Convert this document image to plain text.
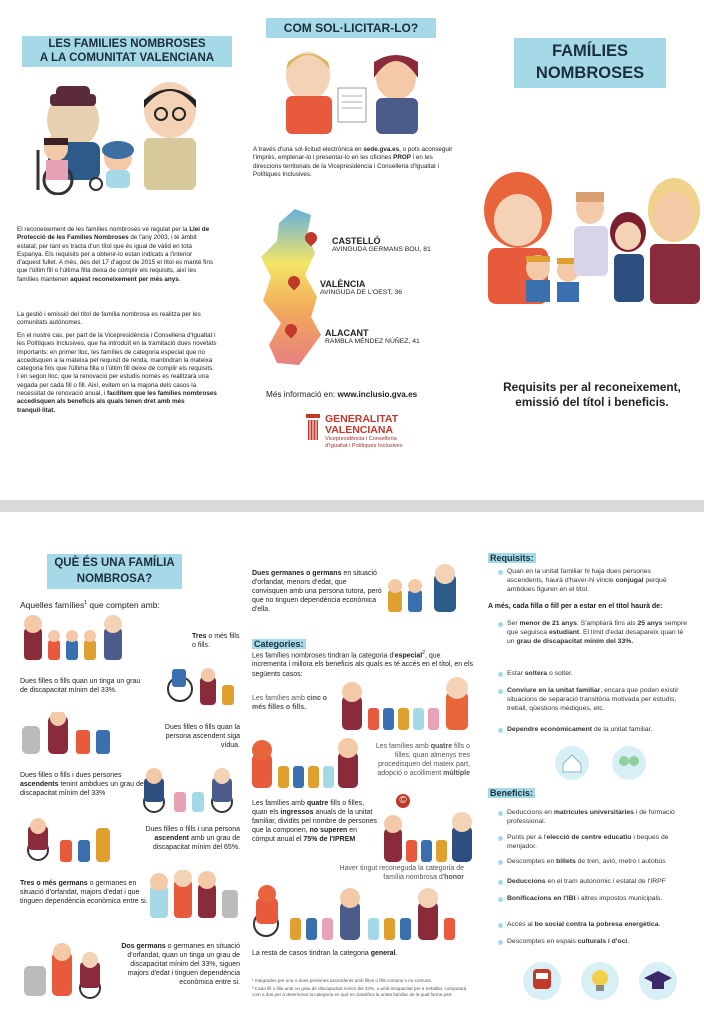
LES FAMILIES NOMBROSES
A LA COMUNITAT VALENCIANA
El reconeixement de les famílies nombroses ve regulat per la Llei de Protecció de les Famílies Nombroses de l'any 2003, i té àmbit estatal; per tant es tracta d'un títol que és igual de vàlid en tota Espanya. Els requisits per a obtenir-lo estan indicats a l'interior d'aquest fullet. A més, des del 17 d'agost de 2015 el títol es manté fins que l'últim fill o l'última filla deixa de complir els requisits, així les famílies mantenen aquest reconeixement per més anys.
La gestió i emissió del títol de família nombrosa es realitza per les comunitats autònomes.
En el nostre cas, per part de la Vicepresidència i Conselleria d'Igualtat i les Polítiques Inclusives, que ha introduït en la tramitació dues novetats importants: en primer lloc, les famílies de categoria especial que no accedisquen a la mateixa pel requisit de renda, mantindran la mateixa categoria fins que l'última filla o l'últim fill deixe de complir els requisits. I en segon lloc, que la renovació per estudis només es realitzarà una vegada per cada fill o fill. Així, evitem en la majoria dels casos la necessitat de renovació anual, i facilitem que les famílies nombroses accedisquen als beneficis als quals tenen dret amb més tranquil·litat.
COM SOL·LICITAR-LO?
A través d'una sol·licitud electrònica en sede.gva.es, o pots aconseguir l'imprès, emplenar-lo i presentar-lo en les oficines PROP i en les direccions territorials de la Vicepresidència i Conselleria d'Igualtat i Polítiques Inclusives.
CASTELLÓ
AVINGUDA GERMANS BOU, 81
VALÈNCIA
AVINGUDA DE L'OEST, 36
ALACANT
RAMBLA MÉNDEZ NÚÑEZ, 41
Més informació en: www.inclusio.gva.es
GENERALITAT
VALENCIANA
Vicepresidència i Conselleria
d'Igualtat i Polítiques Inclusives
FAMÍLIES
NOMBROSES
Requisits per al reconeixement,
emissió del títol i beneficis.
QUÈ ÉS UNA FAMÍLIA
NOMBROSA?
Aquelles famílies$^1$ que compten amb:
Tres o més fills o fills.
Dues filles o fills quan un tinga un grau de discapacitat mínim del 33%.
Dues filles o fills quan la persona ascendent siga vídua.
Dues filles o fills i dues persones ascendents tenint ambdues un grau de discapacitat mínim del 33%
Dues filles o fills i una persona ascendent amb un grau de discapacitat mínim del 65%.
Tres o més germans o germanes en situació d'orfandat, majors d'edat i que tinguen dependència econòmica entre si.
Dos germans o germanes en situació d'orfandat, quan un tinga un grau de discapacitat mínim del 33%, siguen majors d'edat i tinguen dependència econòmica entre si.
Dues germanes o germans en situació d'orfandat, menors d'edat, que convisquen amb una persona tutora, però que no tinguen dependència econòmica d'ella.
Categories:
Les famílies nombroses tindran la categoria d'especial$^2$, que incrementa i millora els beneficis als quals es té accés en el títol, en els següents casos:
Les famílies amb cinc o més filles o fills.
Les famílies amb quatre fills o filles, quan almenys tres procedisquen del mateix part, adopció o acolliment múltiple
Les famílies amb quatre fills o filles, quan els ingressos anuals de la unitat familiar, dividits pel nombre de persones que la componen, no superen en còmput anual el 75% de l'IPREM
©
Haver tingut reconeguda la categoria de família nombrosa d'honor
La resta de casos tindran la categoria general.
¹ Integrades per una o dues persones ascendents amb filles o fills comuns o no comuns.
² Cada fill o filla amb un grau de discapacitat mínim del 33%, o amb incapacitat per a treballar, computarà com a dos per a determinar la categoria en què es classifica la unitat familiar de la qual forma part.
Requisits:
Quan en la unitat familiar hi haja dues persones ascendents, haurà d'haver-hi vincle conjugal perquè ambdues figuren en el títol.
A més, cada filla o fill per a estar en el títol haurà de:
Ser menor de 21 anys. S'ampliarà fins als 25 anys sempre que seguisca estudiant. El límit d'edat desapareix quan té un grau de discapacitat mínim del 33%.
Estar soltera o solter.
Conviure en la unitat familiar, encara que poden existir situacions de separació transitòria motivada per estudis, treball, qüestions mèdiques, etc.
Dependre econòmicament de la unitat familiar.
Beneficis:
Deduccions en matrícules universitàries i de formació professional.
Punts per a l'elecció de centre educatiu i beques de menjador.
Descomptes en billets de tren, avió, metro i autobús
Deduccions en el tram autonòmic i estatal de l'IRPF
Bonificacions en l'IBI i altres impostos municipals.
Accés al bo social contra la pobresa energètica.
Descomptes en espais culturals i d'oci.
